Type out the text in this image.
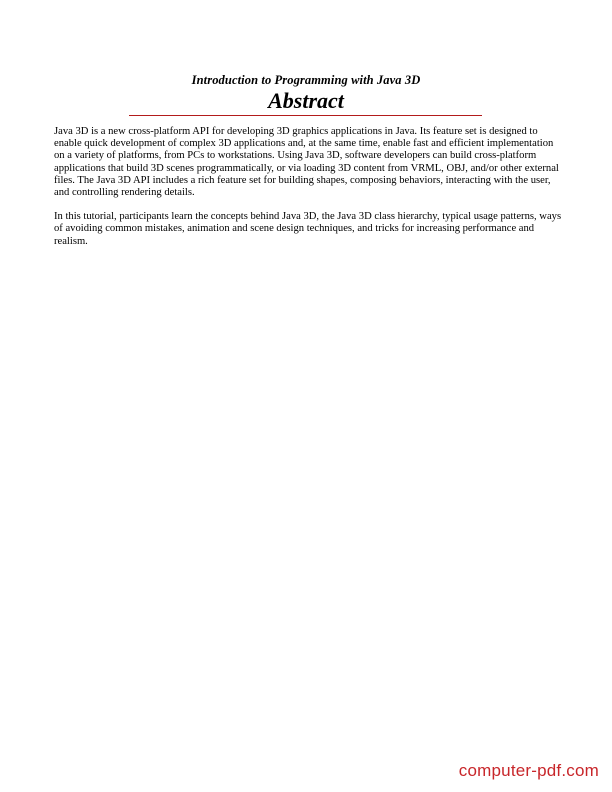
Introduction to Programming with Java 3D
Abstract

Java 3D is a new cross-platform API for developing 3D graphics applications in Java. Its feature set is designed to enable quick development of complex 3D applications and, at the same time, enable fast and efficient implementation on a variety of platforms, from PCs to workstations. Using Java 3D, software developers can build cross-platform applications that build 3D scenes programmatically, or via loading 3D content from VRML, OBJ, and/or other external files. The Java 3D API includes a rich feature set for building shapes, composing behaviors, interacting with the user, and controlling rendering details.

In this tutorial, participants learn the concepts behind Java 3D, the Java 3D class hierarchy, typical usage patterns, ways of avoiding common mistakes, animation and scene design techniques, and tricks for increasing performance and realism.

computer-pdf.com
